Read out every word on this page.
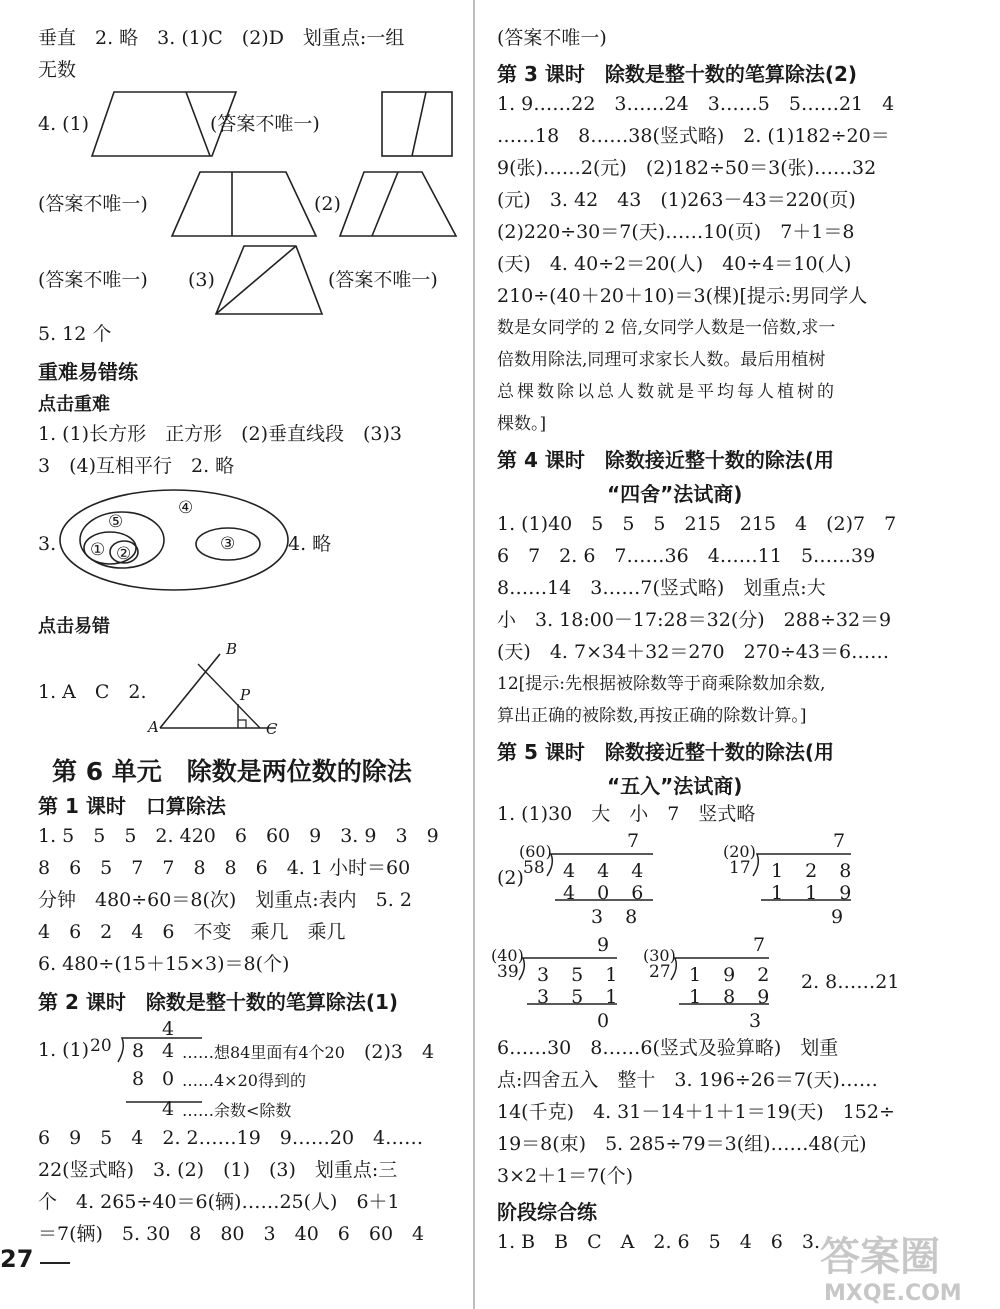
垂直　2. 略　3. (1)C　(2)D　划重点:一组
无数
4. (1)	(答案不唯一)
(答案不唯一)	(2)
(答案不唯一) (3)	(答案不唯一)
5. 12 个
重难易错练
点击重难
1. (1)长方形　正方形　(2)垂直线段　(3)3
3　(4)互相平行　2. 略
3.
⑤
① ②	③
④
4. 略
点击易错
1. A　C　2.
B
P
A	C
第 6 单元　除数是两位数的除法
第 1 课时　口算除法
1. 5　5　5　2. 420　6　60　9　3. 9　3　9
8　6　5　7　7　8　8　6　4. 1 小时＝60
分钟　480÷60＝8(次)　划重点:表内　5. 2
4　6　2　4　6　不变　乘几　乘几
6. 480÷(15＋15×3)＝8(个)
第 2 课时　除数是整十数的笔算除法(1)
1. (1)
4
20 8 4 ……想84里面有4个20
8 0 ……4×20得到的
4 ……余数<除数
(2)3　4
6　9　5　4　2. 2……19　9……20　4……
22(竖式略)　3. (2)　(1)　(3)　划重点:三
个　4. 265÷40＝6(辆)……25(人)　6＋1
＝7(辆)　5. 30　8　80　3　40　6　60　4
27
(答案不唯一)
第 3 课时　除数是整十数的笔算除法(2)
1. 9……22　3……24　3……5　5……21　4
……18　8……38(竖式略)　2. (1)182÷20＝
9(张)……2(元)　(2)182÷50＝3(张)……32
(元)　3. 42　43　(1)263－43＝220(页)
(2)220÷30＝7(天)……10(页)　7＋1＝8
(天)　4. 40÷2＝20(人)　40÷4＝10(人)
210÷(40＋20＋10)＝3(棵)[提示:男同学人
数是女同学的 2 倍,女同学人数是一倍数,求一
倍数用除法,同理可求家长人数。最后用植树
总棵数除以总人数就是平均每人植树的
棵数。]
第 4 课时　除数接近整十数的除法(用
“四舍”法试商)
1. (1)40　5　5　5　215　215　4　(2)7　7
6　7　2. 6　7……36　4……11　5……39
8……14　3……7(竖式略)　划重点:大
小　3. 18:00－17:28＝32(分)　288÷32＝9
(天)　4. 7×34＋32＝270　270÷43＝6……
12[提示:先根据被除数等于商乘除数加余数,
算出正确的被除数,再按正确的除数计算。]
第 5 课时　除数接近整十数的除法(用
“五入”法试商)
1. (1)30　大　小　7　竖式略
(2)
7
(60)
58 4 4 4
4 0 6
3 8
7
(20)
17 1 2 8
1 1 9
9
9
(40)
39 3 5 1
3 5 1
0
7
(30)
27 1 9 2
1 8 9
3
2. 8……21
6……30　8……6(竖式及验算略)　划重
点:四舍五入　整十　3. 196÷26＝7(天)……
14(千克)　4. 31－14＋1＋1＝19(天)　152÷
19＝8(束)　5. 285÷79＝3(组)……48(元)
3×2＋1＝7(个)
阶段综合练
1. B　B　C　A　2. 6　5　4　6　3. 答案圈
MXQE.COM
